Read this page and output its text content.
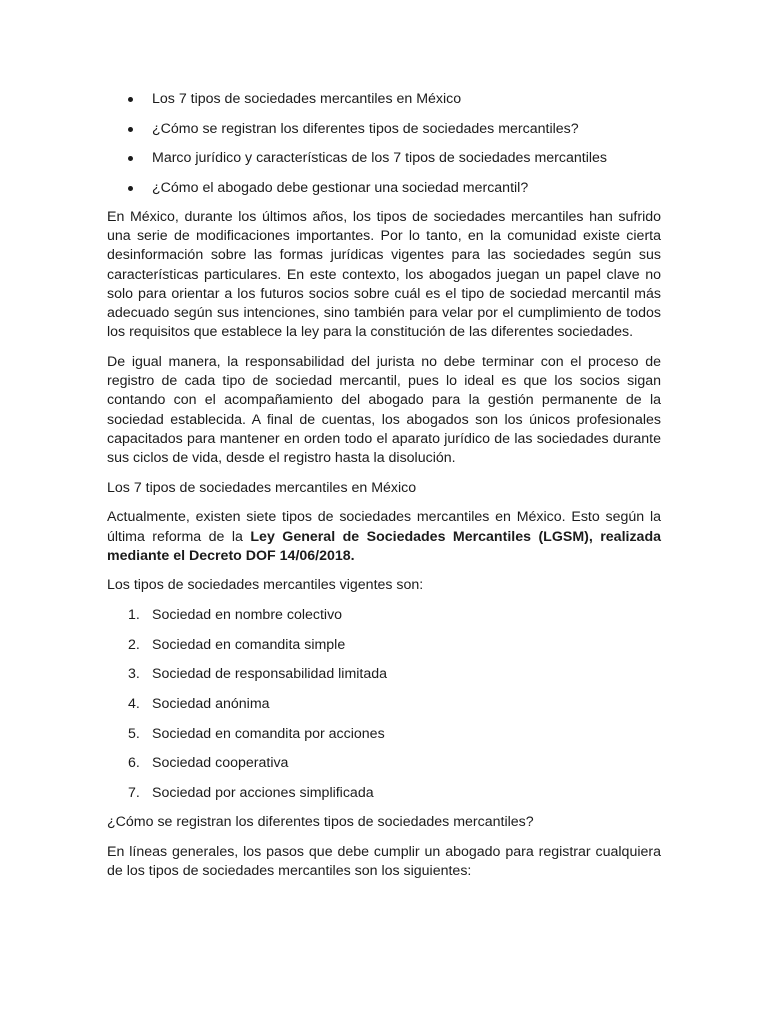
Los 7 tipos de sociedades mercantiles en México
¿Cómo se registran los diferentes tipos de sociedades mercantiles?
Marco jurídico y características de los 7 tipos de sociedades mercantiles
¿Cómo el abogado debe gestionar una sociedad mercantil?

En México, durante los últimos años, los tipos de sociedades mercantiles han sufrido una serie de modificaciones importantes. Por lo tanto, en la comunidad existe cierta desinformación sobre las formas jurídicas vigentes para las sociedades según sus características particulares. En este contexto, los abogados juegan un papel clave no solo para orientar a los futuros socios sobre cuál es el tipo de sociedad mercantil más adecuado según sus intenciones, sino también para velar por el cumplimiento de todos los requisitos que establece la ley para la constitución de las diferentes sociedades.

De igual manera, la responsabilidad del jurista no debe terminar con el proceso de registro de cada tipo de sociedad mercantil, pues lo ideal es que los socios sigan contando con el acompañamiento del abogado para la gestión permanente de la sociedad establecida. A final de cuentas, los abogados son los únicos profesionales capacitados para mantener en orden todo el aparato jurídico de las sociedades durante sus ciclos de vida, desde el registro hasta la disolución.

Los 7 tipos de sociedades mercantiles en México

Actualmente, existen siete tipos de sociedades mercantiles en México. Esto según la última reforma de la Ley General de Sociedades Mercantiles (LGSM), realizada mediante el Decreto DOF 14/06/2018.

Los tipos de sociedades mercantiles vigentes son:

1. Sociedad en nombre colectivo
2. Sociedad en comandita simple
3. Sociedad de responsabilidad limitada
4. Sociedad anónima
5. Sociedad en comandita por acciones
6. Sociedad cooperativa
7. Sociedad por acciones simplificada

¿Cómo se registran los diferentes tipos de sociedades mercantiles?

En líneas generales, los pasos que debe cumplir un abogado para registrar cualquiera de los tipos de sociedades mercantiles son los siguientes:
